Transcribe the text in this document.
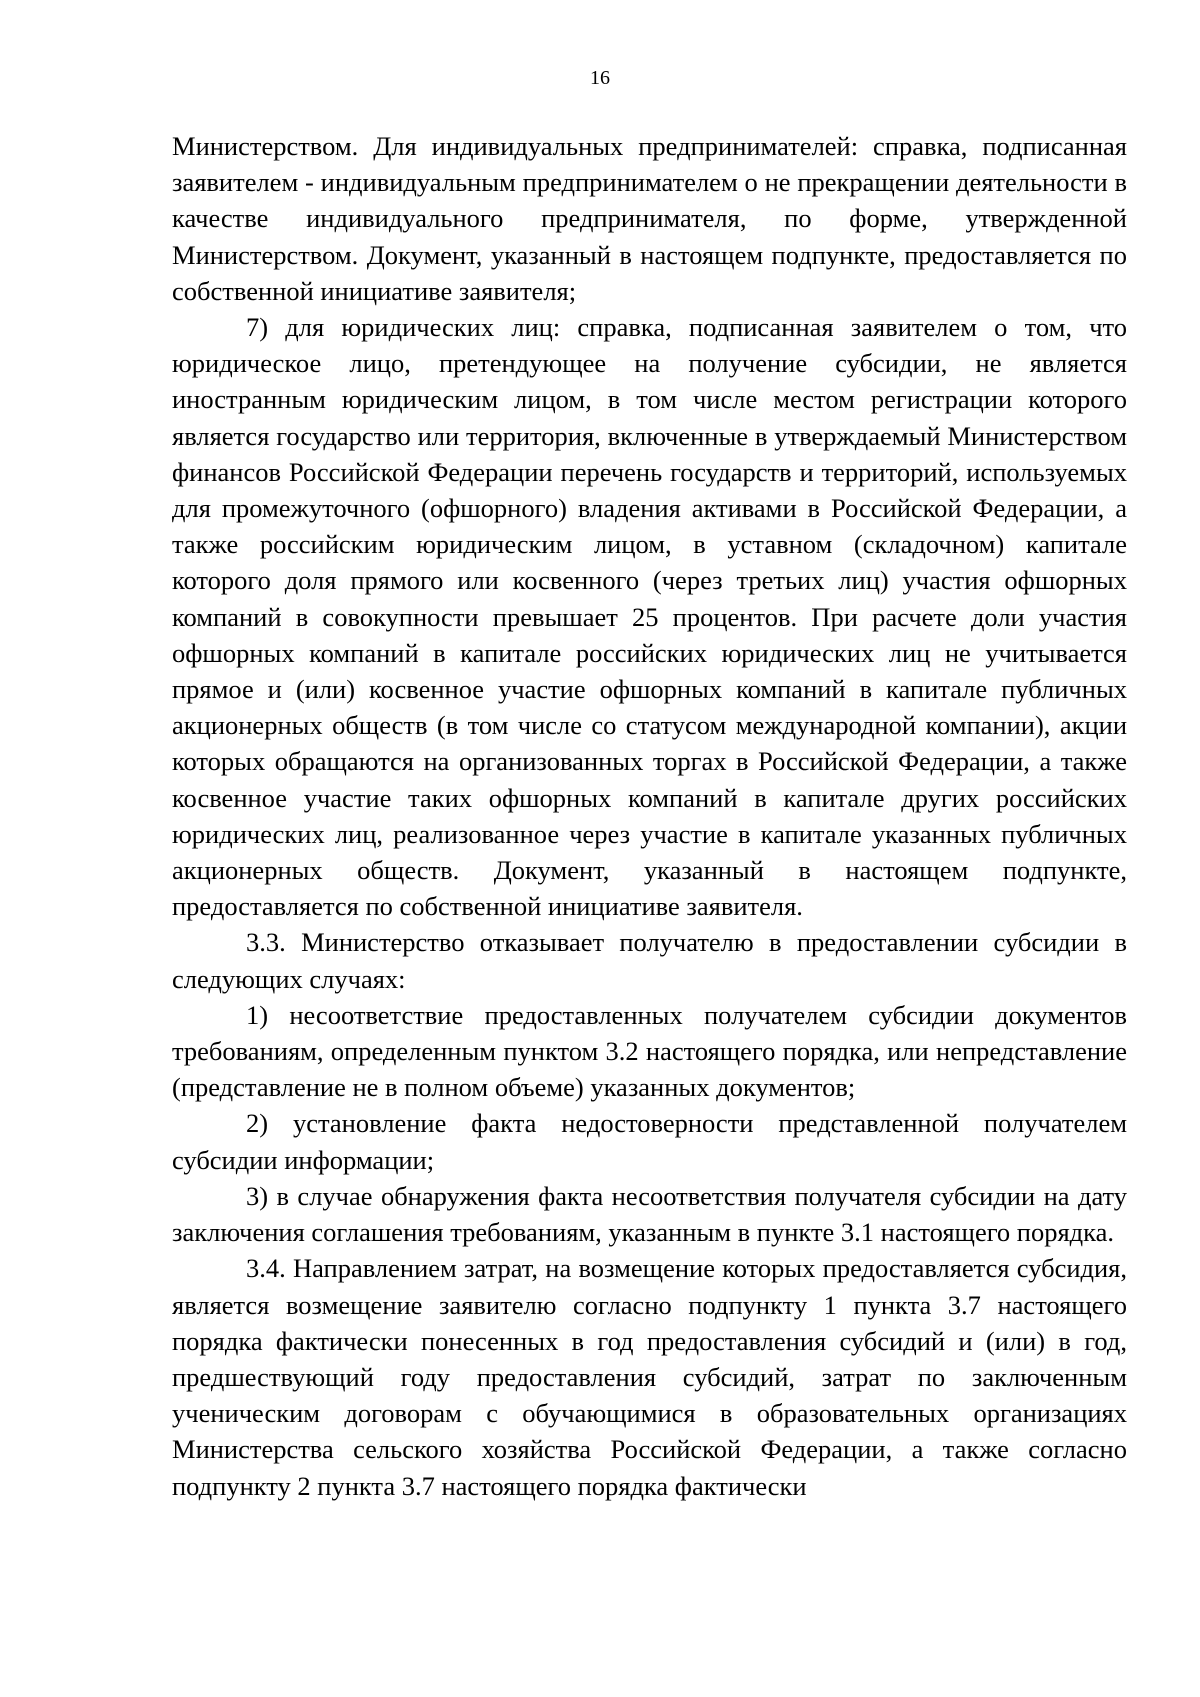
16

Министерством. Для индивидуальных предпринимателей: справка, подписанная заявителем - индивидуальным предпринимателем о не прекращении деятельности в качестве индивидуального предпринимателя, по форме, утвержденной Министерством. Документ, указанный в настоящем подпункте, предоставляется по собственной инициативе заявителя;

7) для юридических лиц: справка, подписанная заявителем о том, что юридическое лицо, претендующее на получение субсидии, не является иностранным юридическим лицом, в том числе местом регистрации которого является государство или территория, включенные в утверждаемый Министерством финансов Российской Федерации перечень государств и территорий, используемых для промежуточного (офшорного) владения активами в Российской Федерации, а также российским юридическим лицом, в уставном (складочном) капитале которого доля прямого или косвенного (через третьих лиц) участия офшорных компаний в совокупности превышает 25 процентов. При расчете доли участия офшорных компаний в капитале российских юридических лиц не учитывается прямое и (или) косвенное участие офшорных компаний в капитале публичных акционерных обществ (в том числе со статусом международной компании), акции которых обращаются на организованных торгах в Российской Федерации, а также косвенное участие таких офшорных компаний в капитале других российских юридических лиц, реализованное через участие в капитале указанных публичных акционерных обществ. Документ, указанный в настоящем подпункте, предоставляется по собственной инициативе заявителя.

3.3. Министерство отказывает получателю в предоставлении субсидии в следующих случаях:

1) несоответствие предоставленных получателем субсидии документов требованиям, определенным пунктом 3.2 настоящего порядка, или непредставление (представление не в полном объеме) указанных документов;

2) установление факта недостоверности представленной получателем субсидии информации;

3) в случае обнаружения факта несоответствия получателя субсидии на дату заключения соглашения требованиям, указанным в пункте 3.1 настоящего порядка.

3.4. Направлением затрат, на возмещение которых предоставляется субсидия, является возмещение заявителю согласно подпункту 1 пункта 3.7 настоящего порядка фактически понесенных в год предоставления субсидий и (или) в год, предшествующий году предоставления субсидий, затрат по заключенным ученическим договорам с обучающимися в образовательных организациях Министерства сельского хозяйства Российской Федерации, а также согласно подпункту 2 пункта 3.7 настоящего порядка фактически
